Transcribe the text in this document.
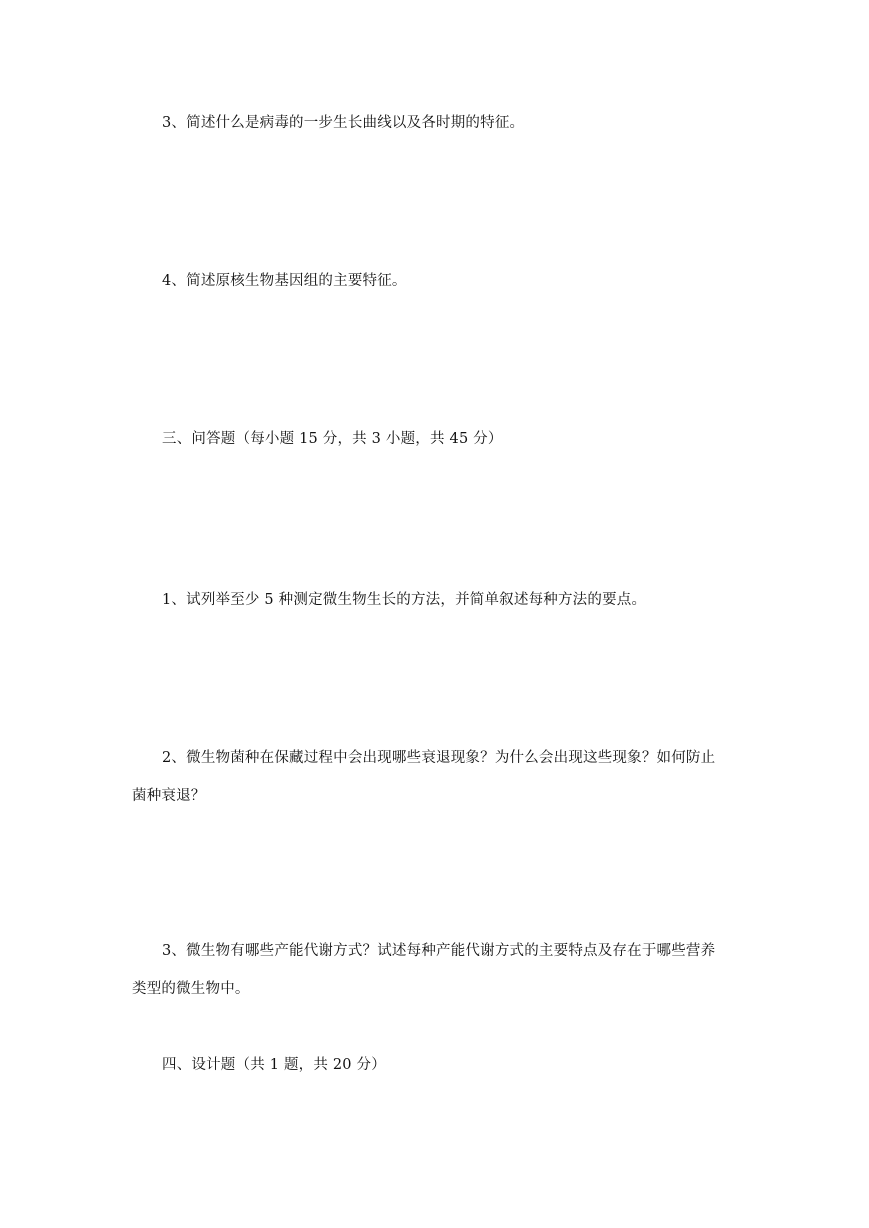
3、简述什么是病毒的一步生长曲线以及各时期的特征。
4、简述原核生物基因组的主要特征。
三、问答题（每小题 15 分，共 3 小题，共 45 分）
1、试列举至少 5 种测定微生物生长的方法，并简单叙述每种方法的要点。
2、微生物菌种在保藏过程中会出现哪些衰退现象？为什么会出现这些现象？如何防止
菌种衰退？
3、微生物有哪些产能代谢方式？试述每种产能代谢方式的主要特点及存在于哪些营养
类型的微生物中。
四、设计题（共 1 题，共 20 分）
